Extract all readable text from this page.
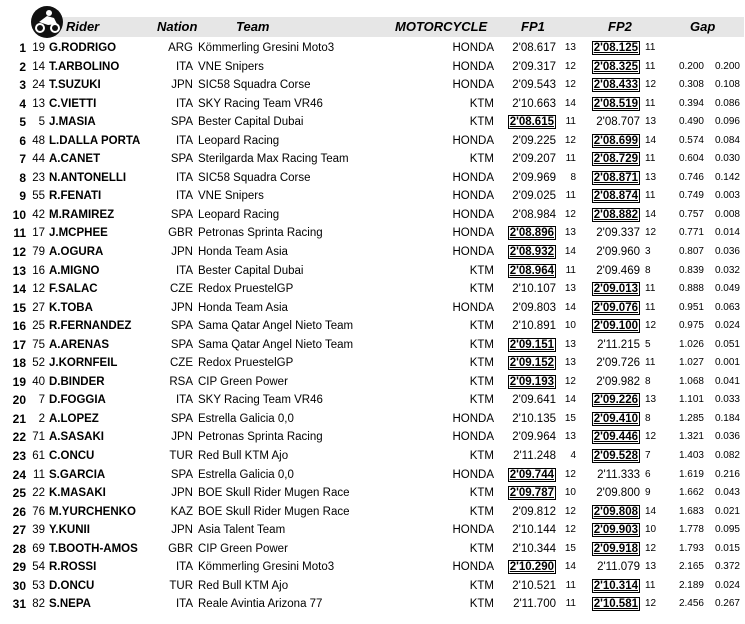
Rider	Nation	Team	MOTORCYCLE	FP1	FP2	Gap
1 19 G.RODRIGO	ARG Kömmerling Gresini Moto3	HONDA	2'08.617 13	2'08.125 11
2 14 T.ARBOLINO	ITA VNE Snipers	HONDA	2'09.317 12	2'08.325 11	0.200	0.200
3 24 T.SUZUKI	JPN SIC58 Squadra Corse	HONDA	2'09.543 12	2'08.433 12	0.308	0.108
4 13 C.VIETTI	ITA SKY Racing Team VR46	KTM	2'10.663 14	2'08.519 11	0.394	0.086
5	5 J.MASIA	SPA Bester Capital Dubai	KTM	2'08.615	11	2'08.707 13	0.490	0.096
6 48 L.DALLA PORTA	ITA Leopard Racing	HONDA	2'09.225 12	2'08.699 14	0.574	0.084
7 44 A.CANET	SPA Sterilgarda Max Racing Team	KTM	2'09.207 11	2'08.729 11	0.604	0.030
8 23 N.ANTONELLI	ITA SIC58 Squadra Corse	HONDA	2'09.969	8	2'08.871 13	0.746	0.142
9 55 R.FENATI	ITA VNE Snipers	HONDA	2'09.025 11	2'08.874 11	0.749	0.003
10 42 M.RAMIREZ	SPA Leopard Racing	HONDA	2'08.984 12	2'08.882 14	0.757	0.008
11 17 J.MCPHEE	GBR Petronas Sprinta Racing	HONDA	2'08.896	13	2'09.337 12	0.771	0.014
12 79 A.OGURA	JPN Honda Team Asia	HONDA	2'08.932	14	2'09.960 3	0.807	0.036
13 16 A.MIGNO	ITA Bester Capital Dubai	KTM	2'08.964	11	2'09.469 8	0.839	0.032
14 12 F.SALAC	CZE Redox PruestelGP	KTM	2'10.107 13	2'09.013 11	0.888	0.049
15 27 K.TOBA	JPN Honda Team Asia	HONDA	2'09.803 14	2'09.076 11	0.951	0.063
16 25 R.FERNANDEZ	SPA Sama Qatar Angel Nieto Team	KTM	2'10.891 10	2'09.100 12	0.975	0.024
17 75 A.ARENAS	SPA Sama Qatar Angel Nieto Team	KTM	2'09.151	13	2'11.215 5	1.026	0.051
18 52 J.KORNFEIL	CZE Redox PruestelGP	KTM	2'09.152	13	2'09.726 11	1.027	0.001
19 40 D.BINDER	RSA CIP Green Power	KTM	2'09.193	12	2'09.982 8	1.068	0.041
20	7 D.FOGGIA	ITA SKY Racing Team VR46	KTM	2'09.641 14	2'09.226 13	1.101	0.033
21	2 A.LOPEZ	SPA Estrella Galicia 0,0	HONDA	2'10.135 15	2'09.410 8	1.285	0.184
22 71 A.SASAKI	JPN Petronas Sprinta Racing	HONDA	2'09.964 13	2'09.446 12	1.321	0.036
23 61 C.ONCU	TUR Red Bull KTM Ajo	KTM	2'11.248	4	2'09.528 7	1.403	0.082
24 11 S.GARCIA	SPA Estrella Galicia 0,0	HONDA	2'09.744	12	2'11.333 6	1.619	0.216
25 22 K.MASAKI	JPN BOE Skull Rider Mugen Race	KTM	2'09.787	10	2'09.800 9	1.662	0.043
26 76 M.YURCHENKO	KAZ BOE Skull Rider Mugen Race	KTM	2'09.812 12	2'09.808 14	1.683	0.021
27 39 Y.KUNII	JPN Asia Talent Team	HONDA	2'10.144 12	2'09.903 10	1.778	0.095
28 69 T.BOOTH-AMOS	GBR CIP Green Power	KTM	2'10.344 15	2'09.918 12	1.793	0.015
29 54 R.ROSSI	ITA Kömmerling Gresini Moto3	HONDA	2'10.290	14	2'11.079 13	2.165	0.372
30 53 D.ONCU	TUR Red Bull KTM Ajo	KTM	2'10.521 11	2'10.314 11	2.189	0.024
31 82 S.NEPA	ITA Reale Avintia Arizona 77	KTM	2'11.700 11	2'10.581 12	2.456	0.267
